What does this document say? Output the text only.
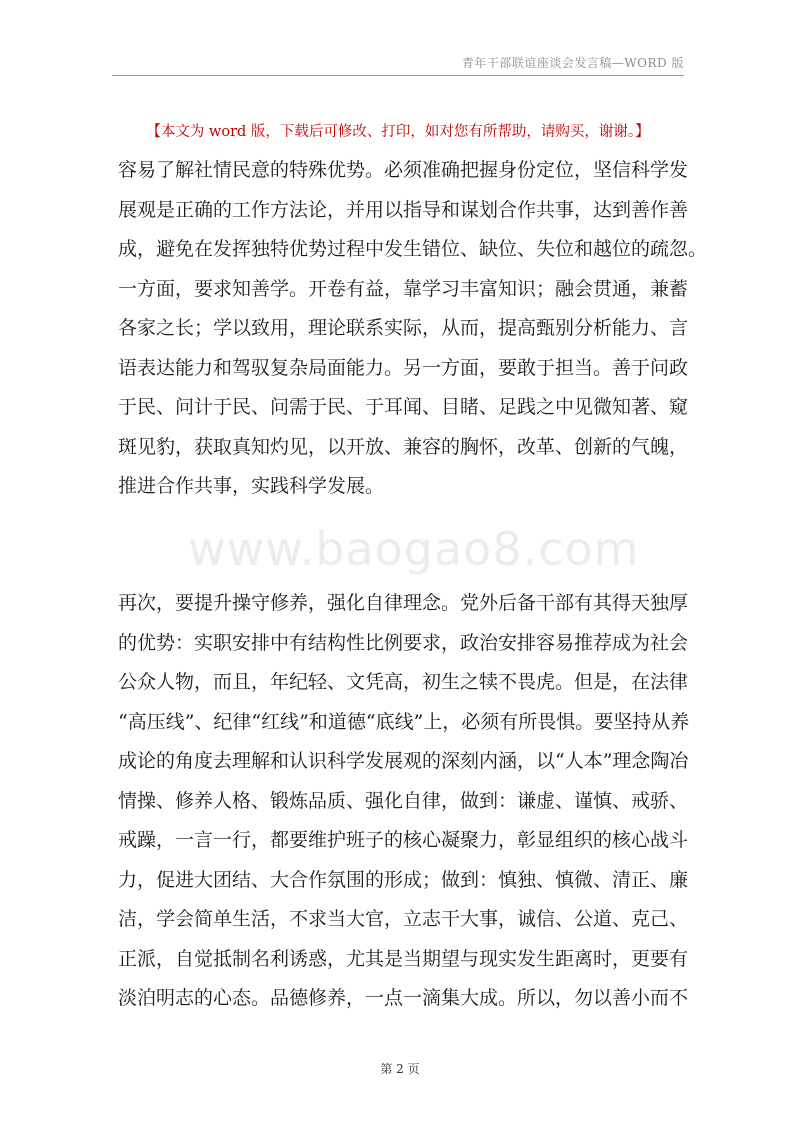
青年干部联谊座谈会发言稿—WORD 版
【本文为 word 版，下载后可修改、打印，如对您有所帮助，请购买，谢谢。】
容易了解社情民意的特殊优势。必须准确把握身份定位，坚信科学发
展观是正确的工作方法论，并用以指导和谋划合作共事，达到善作善
成，避免在发挥独特优势过程中发生错位、缺位、失位和越位的疏忽。
一方面，要求知善学。开卷有益，靠学习丰富知识；融会贯通，兼蓄
各家之长；学以致用，理论联系实际，从而，提高甄别分析能力、言
语表达能力和驾驭复杂局面能力。另一方面，要敢于担当。善于问政
于民、问计于民、问需于民、于耳闻、目睹、足践之中见微知著、窥
斑见豹，获取真知灼见，以开放、兼容的胸怀，改革、创新的气魄，
推进合作共事，实践科学发展。
www.baogao8.com
再次，要提升操守修养，强化自律理念。党外后备干部有其得天独厚
的优势：实职安排中有结构性比例要求，政治安排容易推荐成为社会
公众人物，而且，年纪轻、文凭高，初生之犊不畏虎。但是，在法律
“高压线”、纪律“红线”和道德“底线”上，必须有所畏惧。要坚持从养
成论的角度去理解和认识科学发展观的深刻内涵，以“人本”理念陶冶
情操、修养人格、锻炼品质、强化自律，做到：谦虚、谨慎、戒骄、
戒躁，一言一行，都要维护班子的核心凝聚力，彰显组织的核心战斗
力，促进大团结、大合作氛围的形成；做到：慎独、慎微、清正、廉
洁，学会简单生活，不求当大官，立志干大事，诚信、公道、克己、
正派，自觉抵制名利诱惑，尤其是当期望与现实发生距离时，更要有
淡泊明志的心态。品德修养，一点一滴集大成。所以，勿以善小而不
第 2 页
